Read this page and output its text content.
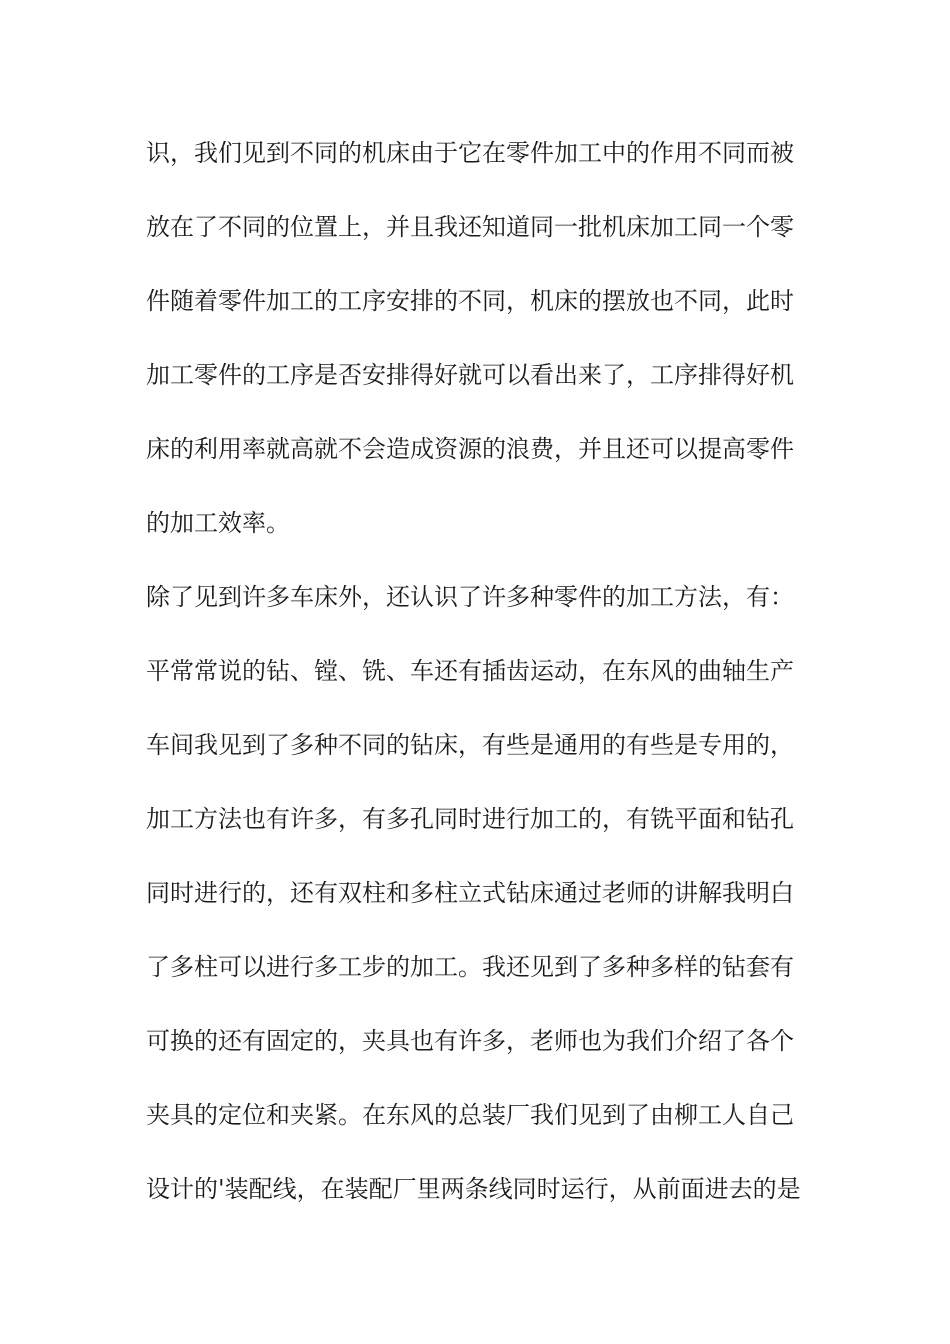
识，我们见到不同的机床由于它在零件加工中的作用不同而被
放在了不同的位置上，并且我还知道同一批机床加工同一个零
件随着零件加工的工序安排的不同，机床的摆放也不同，此时
加工零件的工序是否安排得好就可以看出来了，工序排得好机
床的利用率就高就不会造成资源的浪费，并且还可以提高零件
的加工效率。
除了见到许多车床外，还认识了许多种零件的加工方法，有：
平常常说的钻、镗、铣、车还有插齿运动，在东风的曲轴生产
车间我见到了多种不同的钻床，有些是通用的有些是专用的，
加工方法也有许多，有多孔同时进行加工的，有铣平面和钻孔
同时进行的，还有双柱和多柱立式钻床通过老师的讲解我明白
了多柱可以进行多工步的加工。我还见到了多种多样的钻套有
可换的还有固定的，夹具也有许多，老师也为我们介绍了各个
夹具的定位和夹紧。在东风的总装厂我们见到了由柳工人自己
设计的'装配线，在装配厂里两条线同时运行，从前面进去的是
